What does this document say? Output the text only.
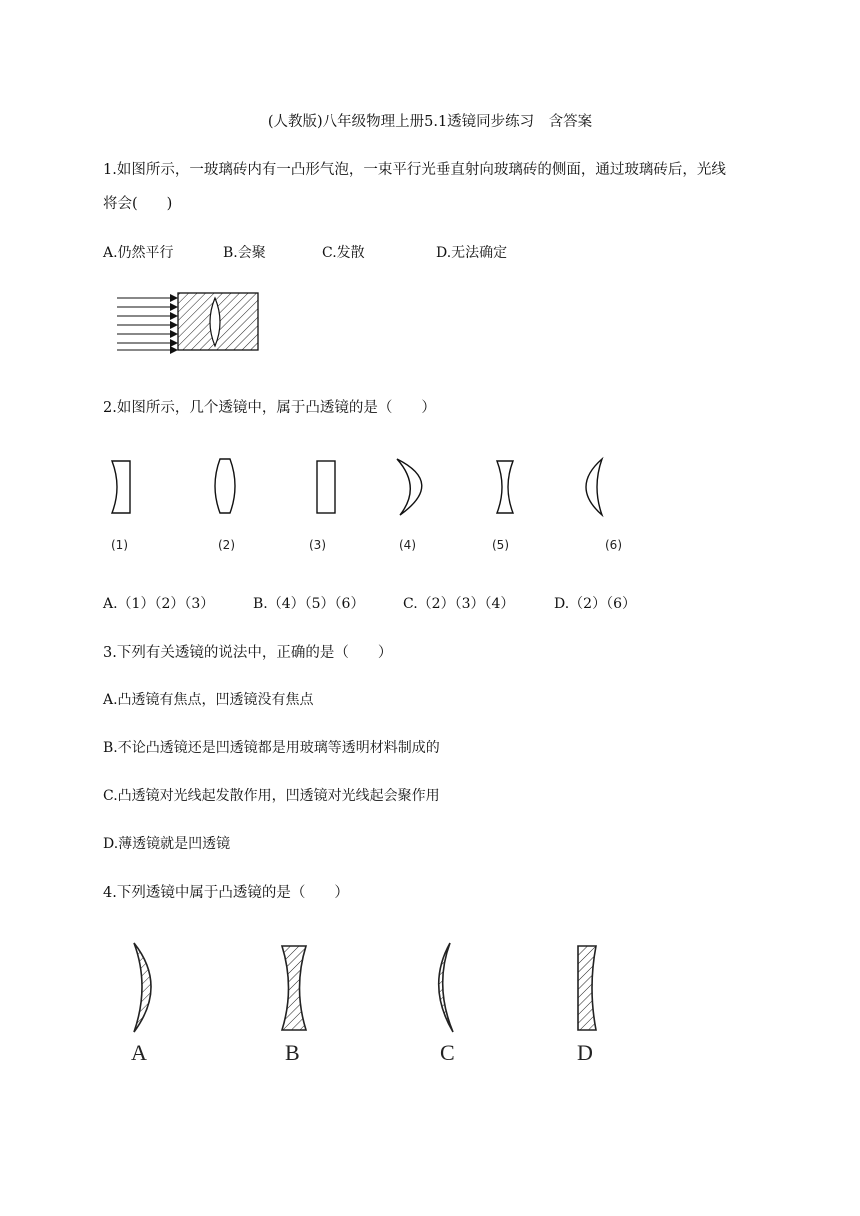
(人教版)八年级物理上册5.1透镜同步练习　含答案
1.如图所示，一玻璃砖内有一凸形气泡，一束平行光垂直射向玻璃砖的侧面，通过玻璃砖后，光线
将会(　　)
A.仍然平行	B.会聚	C.发散	D.无法确定
2.如图所示，几个透镜中，属于凸透镜的是（　　）
(1)	(2)	(3)	(4)	(5)	(6)
A.（1）（2）（3）	B.（4）（5）（6）	C.（2）（3）（4）	D.（2）（6）
3.下列有关透镜的说法中，正确的是（　　）
A.凸透镜有焦点，凹透镜没有焦点
B.不论凸透镜还是凹透镜都是用玻璃等透明材料制成的
C.凸透镜对光线起发散作用，凹透镜对光线起会聚作用
D.薄透镜就是凹透镜
4.下列透镜中属于凸透镜的是（　　）
A	B	C	D
